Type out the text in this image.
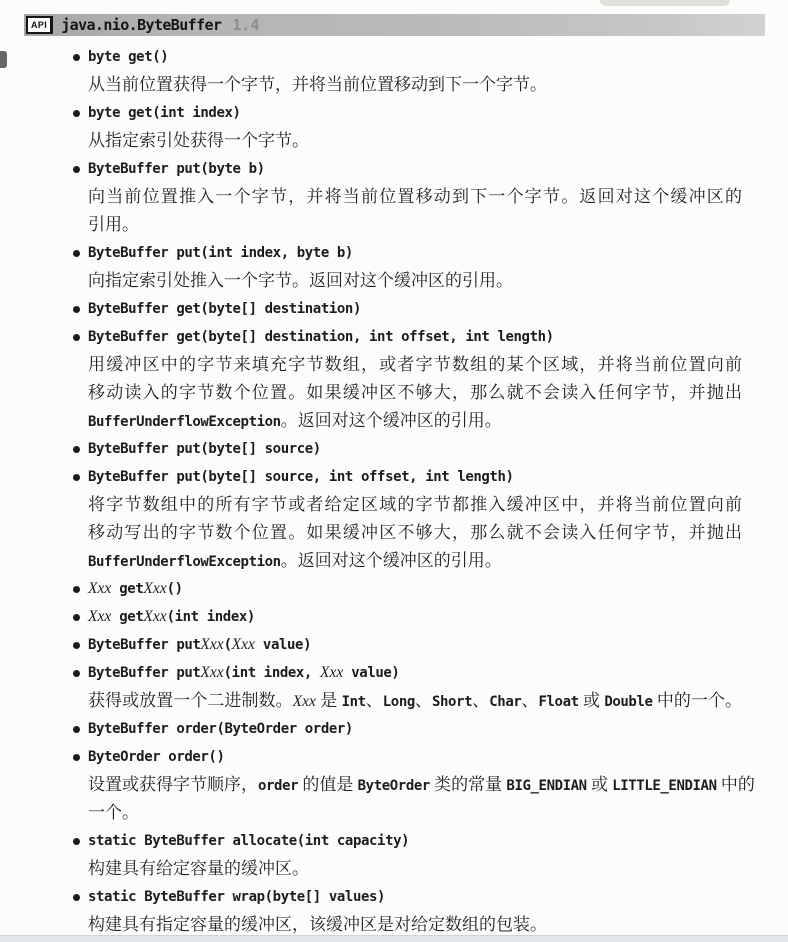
API java.nio.ByteBuffer 1.4
byte get()
从当前位置获得一个字节，并将当前位置移动到下一个字节。
byte get(int index)
从指定索引处获得一个字节。
ByteBuffer put(byte b)
向当前位置推入一个字节，并将当前位置移动到下一个字节。返回对这个缓冲区的
引用。
ByteBuffer put(int index, byte b)
向指定索引处推入一个字节。返回对这个缓冲区的引用。
ByteBuffer get(byte[] destination)
ByteBuffer get(byte[] destination, int offset, int length)
用缓冲区中的字节来填充字节数组，或者字节数组的某个区域，并将当前位置向前
移动读入的字节数个位置。如果缓冲区不够大，那么就不会读入任何字节，并抛出
BufferUnderflowException。返回对这个缓冲区的引用。
ByteBuffer put(byte[] source)
ByteBuffer put(byte[] source, int offset, int length)
将字节数组中的所有字节或者给定区域的字节都推入缓冲区中，并将当前位置向前
移动写出的字节数个位置。如果缓冲区不够大，那么就不会读入任何字节，并抛出
BufferUnderflowException。返回对这个缓冲区的引用。
Xxx getXxx()
Xxx getXxx(int index)
ByteBuffer putXxx(Xxx value)
ByteBuffer putXxx(int index, Xxx value)
获得或放置一个二进制数。Xxx 是 Int、Long、Short、Char、Float 或 Double 中的一个。
ByteBuffer order(ByteOrder order)
ByteOrder order()
设置或获得字节顺序，order 的值是 ByteOrder 类的常量 BIG_ENDIAN 或 LITTLE_ENDIAN 中的
一个。
static ByteBuffer allocate(int capacity)
构建具有给定容量的缓冲区。
static ByteBuffer wrap(byte[] values)
构建具有指定容量的缓冲区，该缓冲区是对给定数组的包装。
